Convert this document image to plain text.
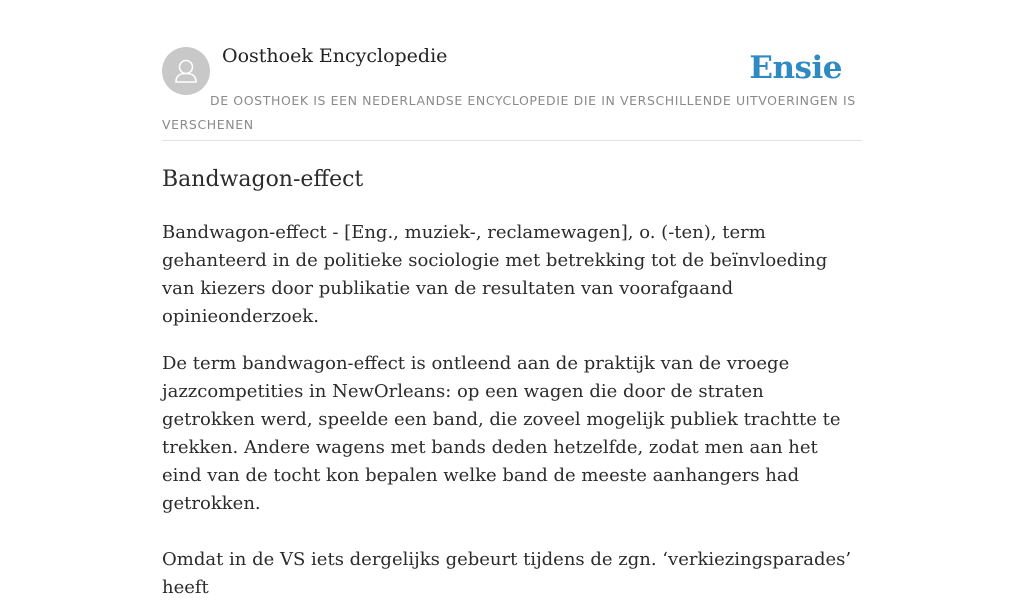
Oosthoek Encyclopedie	Ensie
DE OOSTHOEK IS EEN NEDERLANDSE ENCYCLOPEDIE DIE IN VERSCHILLENDE UITVOERINGEN IS VERSCHENEN
Bandwagon-effect

Bandwagon-effect - [Eng., muziek-, reclamewagen], o. (-ten), term gehanteerd in de politieke sociologie met betrekking tot de beïnvloeding van kiezers door publikatie van de resultaten van voorafgaand opinieonderzoek.

De term bandwagon-effect is ontleend aan de praktijk van de vroege jazzcompetities in NewOrleans: op een wagen die door de straten getrokken werd, speelde een band, die zoveel mogelijk publiek trachtte te trekken. Andere wagens met bands deden hetzelfde, zodat men aan het eind van de tocht kon bepalen welke band de meeste aanhangers had getrokken.

Omdat in de VS iets dergelijks gebeurt tijdens de zgn. ‘verkiezingsparades’ heeft
